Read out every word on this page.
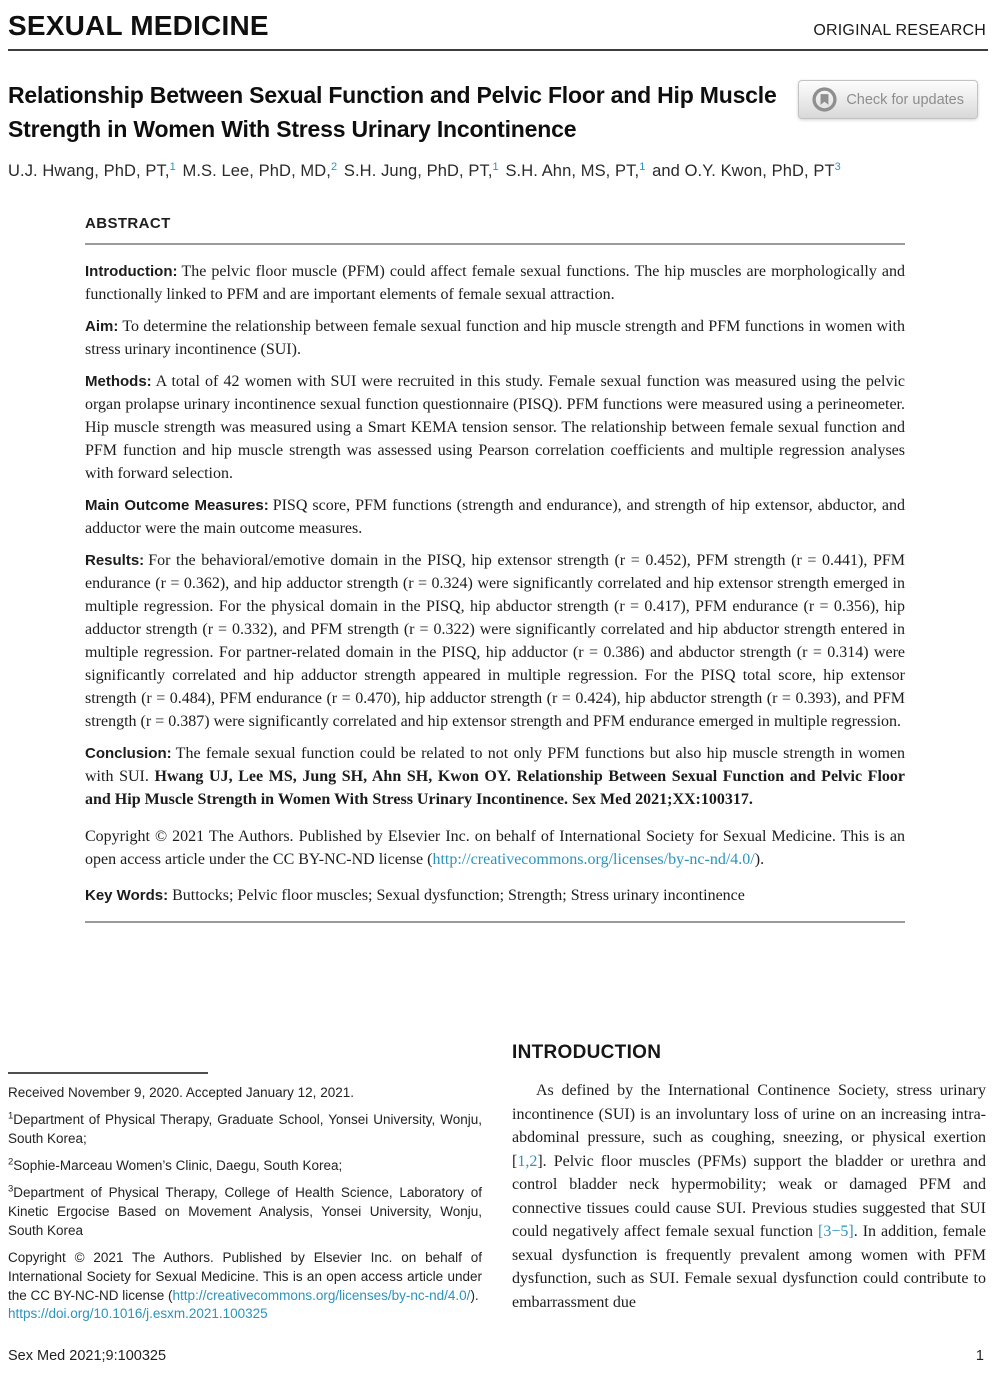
SEXUAL MEDICINE	ORIGINAL RESEARCH
Relationship Between Sexual Function and Pelvic Floor and Hip Muscle Strength in Women With Stress Urinary Incontinence
Check for updates
U.J. Hwang, PhD, PT,$^1$ M.S. Lee, PhD, MD,$^2$ S.H. Jung, PhD, PT,$^1$ S.H. Ahn, MS, PT,$^1$ and O.Y. Kwon, PhD, PT$^3$
ABSTRACT

Introduction: The pelvic floor muscle (PFM) could affect female sexual functions. The hip muscles are morphologically and functionally linked to PFM and are important elements of female sexual attraction.

Aim: To determine the relationship between female sexual function and hip muscle strength and PFM functions in women with stress urinary incontinence (SUI).

Methods: A total of 42 women with SUI were recruited in this study. Female sexual function was measured using the pelvic organ prolapse urinary incontinence sexual function questionnaire (PISQ). PFM functions were measured using a perineometer. Hip muscle strength was measured using a Smart KEMA tension sensor. The relationship between female sexual function and PFM function and hip muscle strength was assessed using Pearson correlation coefficients and multiple regression analyses with forward selection.

Main Outcome Measures: PISQ score, PFM functions (strength and endurance), and strength of hip extensor, abductor, and adductor were the main outcome measures.

Results: For the behavioral/emotive domain in the PISQ, hip extensor strength (r = 0.452), PFM strength (r = 0.441), PFM endurance (r = 0.362), and hip adductor strength (r = 0.324) were significantly correlated and hip extensor strength emerged in multiple regression. For the physical domain in the PISQ, hip abductor strength (r = 0.417), PFM endurance (r = 0.356), hip adductor strength (r = 0.332), and PFM strength (r = 0.322) were significantly correlated and hip abductor strength entered in multiple regression. For partner-related domain in the PISQ, hip adductor (r = 0.386) and abductor strength (r = 0.314) were significantly correlated and hip adductor strength appeared in multiple regression. For the PISQ total score, hip extensor strength (r = 0.484), PFM endurance (r = 0.470), hip adductor strength (r = 0.424), hip abductor strength (r = 0.393), and PFM strength (r = 0.387) were significantly correlated and hip extensor strength and PFM endurance emerged in multiple regression.

Conclusion: The female sexual function could be related to not only PFM functions but also hip muscle strength in women with SUI. Hwang UJ, Lee MS, Jung SH, Ahn SH, Kwon OY. Relationship Between Sexual Function and Pelvic Floor and Hip Muscle Strength in Women With Stress Urinary Incontinence. Sex Med 2021;XX:100317.

Copyright © 2021 The Authors. Published by Elsevier Inc. on behalf of International Society for Sexual Medicine. This is an open access article under the CC BY-NC-ND license (http://creativecommons.org/licenses/by-nc-nd/4.0/).

Key Words: Buttocks; Pelvic floor muscles; Sexual dysfunction; Strength; Stress urinary incontinence

Received November 9, 2020. Accepted January 12, 2021.

$^1$Department of Physical Therapy, Graduate School, Yonsei University, Wonju, South Korea;

$^2$Sophie-Marceau Women’s Clinic, Daegu, South Korea;

$^3$Department of Physical Therapy, College of Health Science, Laboratory of Kinetic Ergocise Based on Movement Analysis, Yonsei University, Wonju, South Korea

Copyright © 2021 The Authors. Published by Elsevier Inc. on behalf of International Society for Sexual Medicine. This is an open access article under the CC BY-NC-ND license (http://creativecommons.org/licenses/by-nc-nd/4.0/).

https://doi.org/10.1016/j.esxm.2021.100325

INTRODUCTION

As defined by the International Continence Society, stress urinary incontinence (SUI) is an involuntary loss of urine on an increasing intra-abdominal pressure, such as coughing, sneezing, or physical exertion [1,2]. Pelvic floor muscles (PFMs) support the bladder or urethra and control bladder neck hypermobility; weak or damaged PFM and connective tissues could cause SUI. Previous studies suggested that SUI could negatively affect female sexual function [3−5]. In addition, female sexual dysfunction is frequently prevalent among women with PFM dysfunction, such as SUI. Female sexual dysfunction could contribute to embarrassment due

Sex Med 2021;9:100325	1
